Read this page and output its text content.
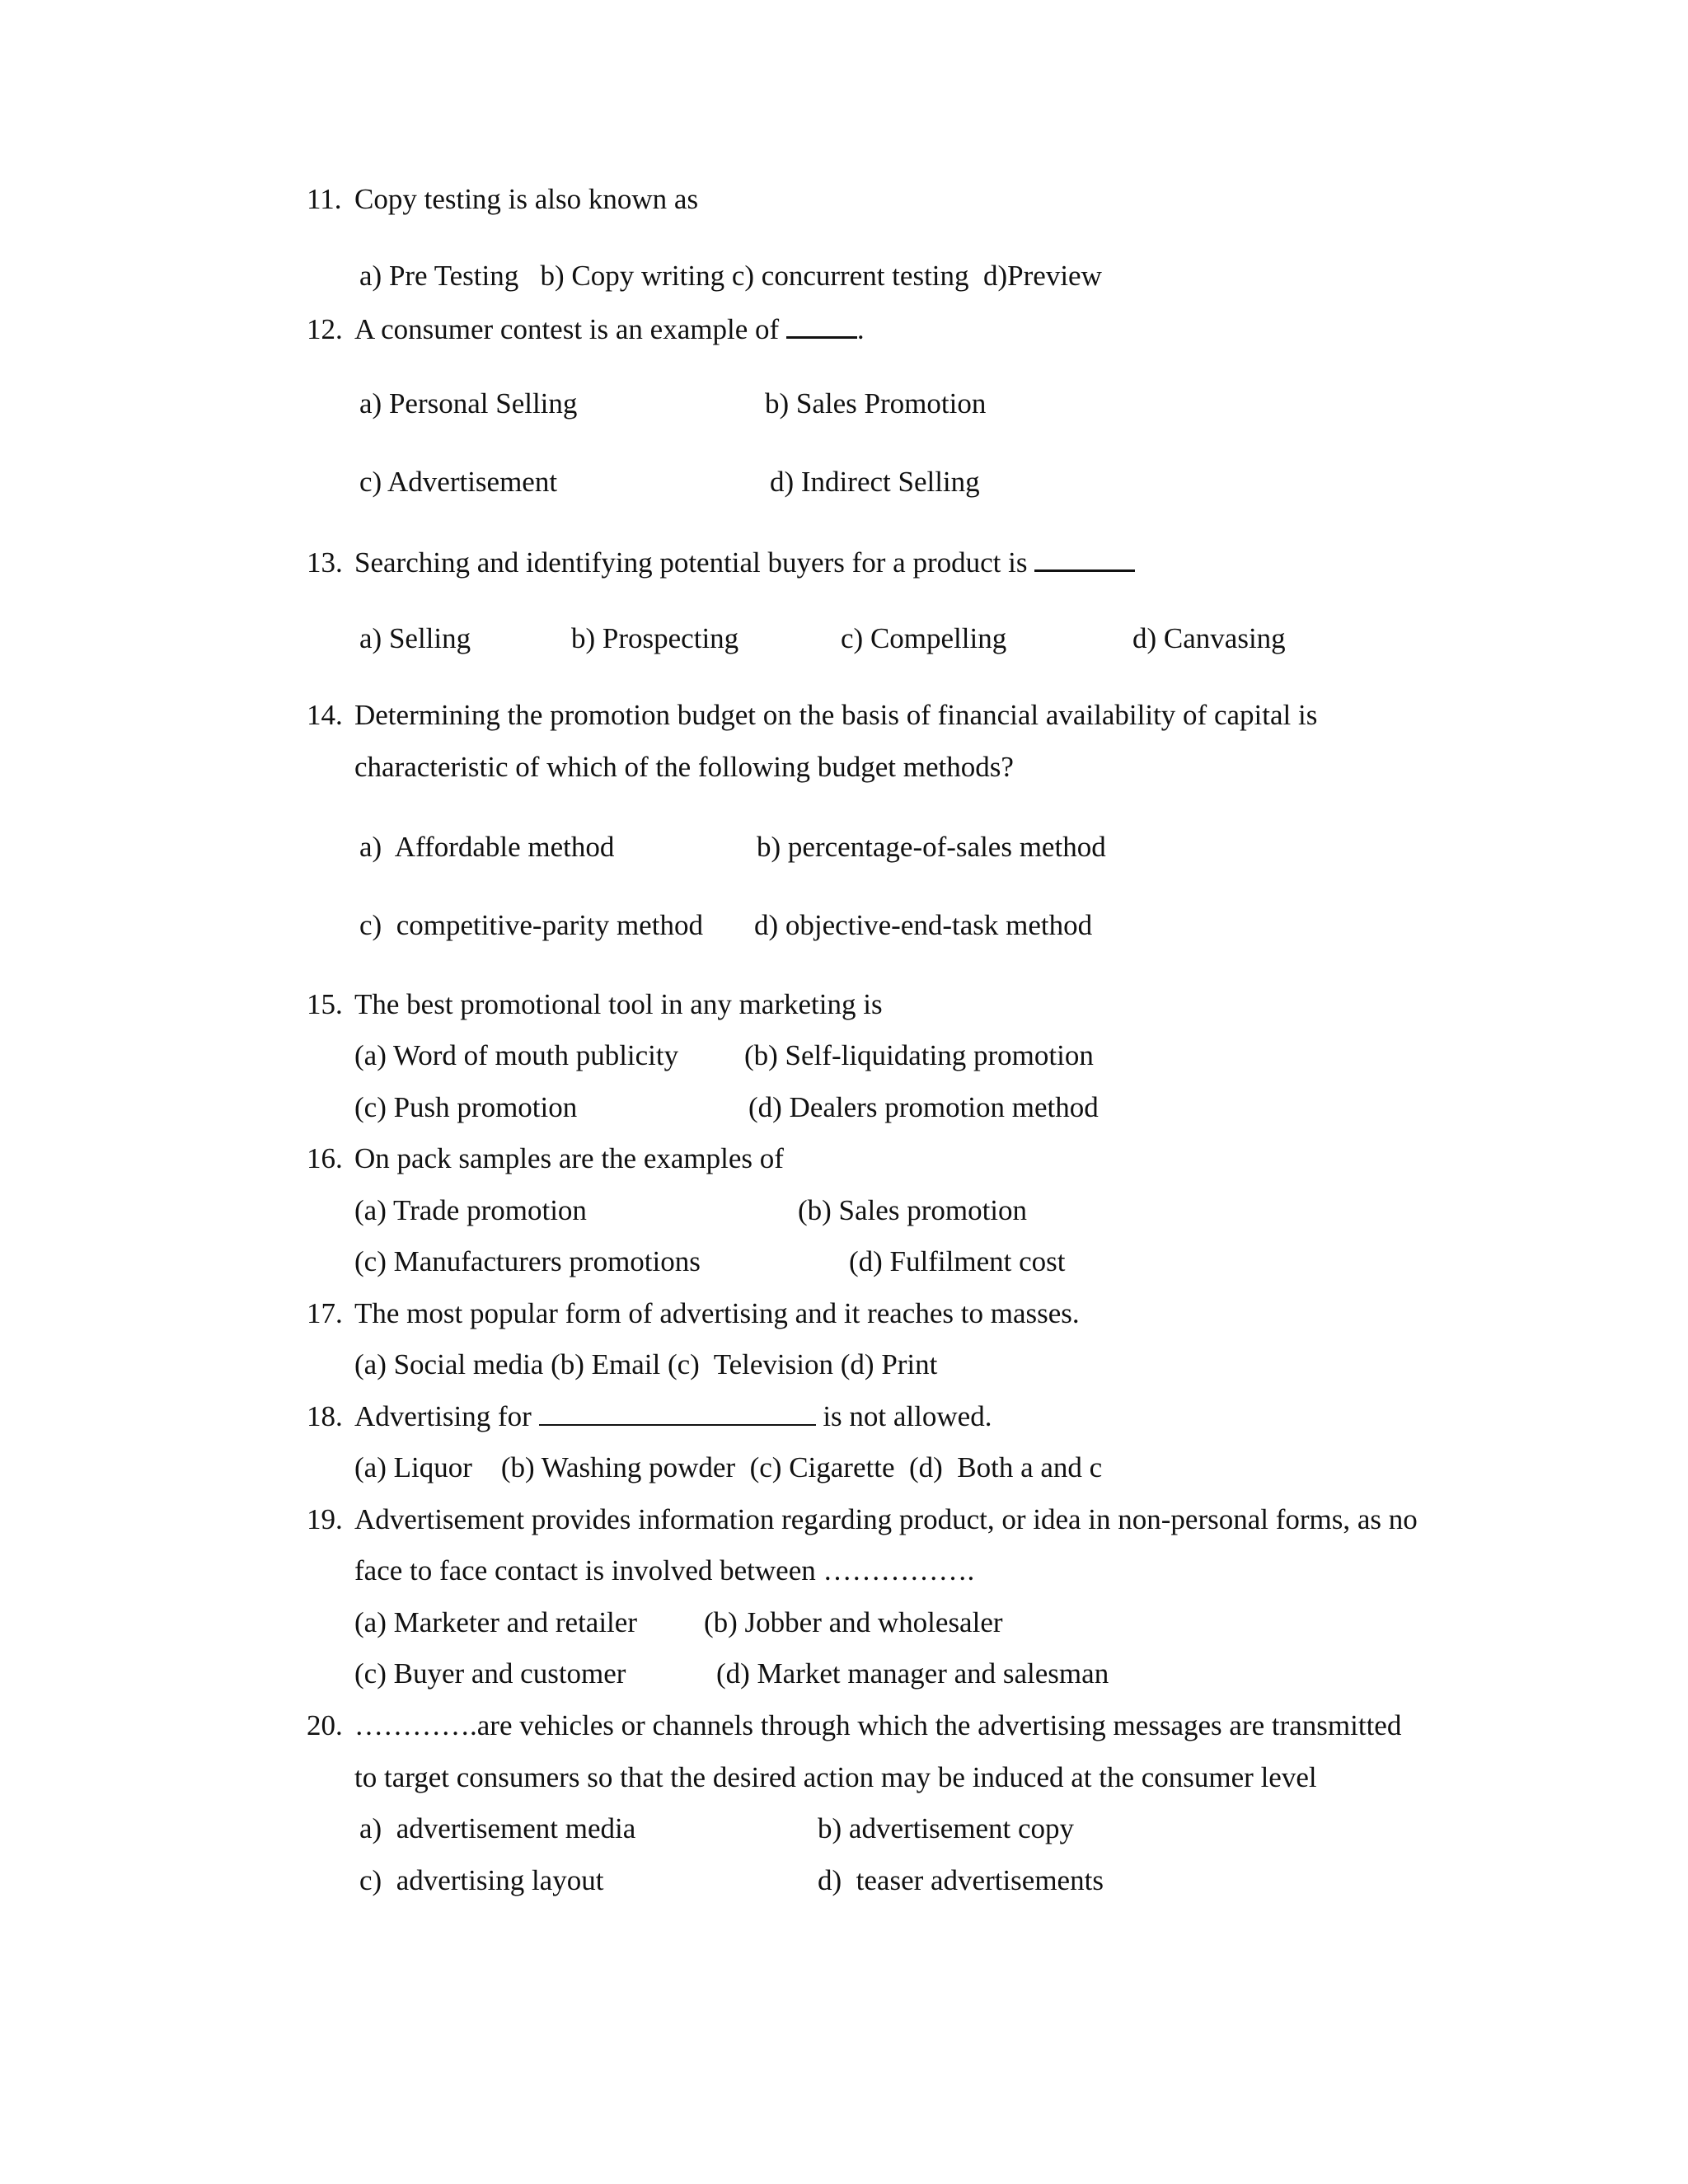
11. Copy testing is also known as
a) Pre Testing   b) Copy writing c) concurrent testing  d)Preview
12. A consumer contest is an example of	.
a) Personal Selling	b) Sales Promotion
c) Advertisement	d) Indirect Selling
13. Searching and identifying potential buyers for a product is
a) Selling	b) Prospecting	c) Compelling	d) Canvasing
14. Determining the promotion budget on the basis of financial availability of capital is
characteristic of which of the following budget methods?
a)  Affordable method	b) percentage-of-sales method
c)  competitive-parity method d) objective-end-task method
15. The best promotional tool in any marketing is
(a) Word of mouth publicity (b) Self-liquidating promotion
(c) Push promotion	(d) Dealers promotion method
16. On pack samples are the examples of
(a) Trade promotion	(b) Sales promotion
(c) Manufacturers promotions	(d) Fulfilment cost
17. The most popular form of advertising and it reaches to masses.
(a) Social media (b) Email (c)  Television (d) Print
18. Advertising for	is not allowed.
(a) Liquor    (b) Washing powder  (c) Cigarette  (d)  Both a and c
19. Advertisement provides information regarding product, or idea in non-personal forms, as no
face to face contact is involved between …………….
(a) Marketer and retailer (b) Jobber and wholesaler
(c) Buyer and customer	(d) Market manager and salesman
20. ………….are vehicles or channels through which the advertising messages are transmitted
to target consumers so that the desired action may be induced at the consumer level
a)  advertisement media	b) advertisement copy
c)  advertising layout	d)  teaser advertisements
